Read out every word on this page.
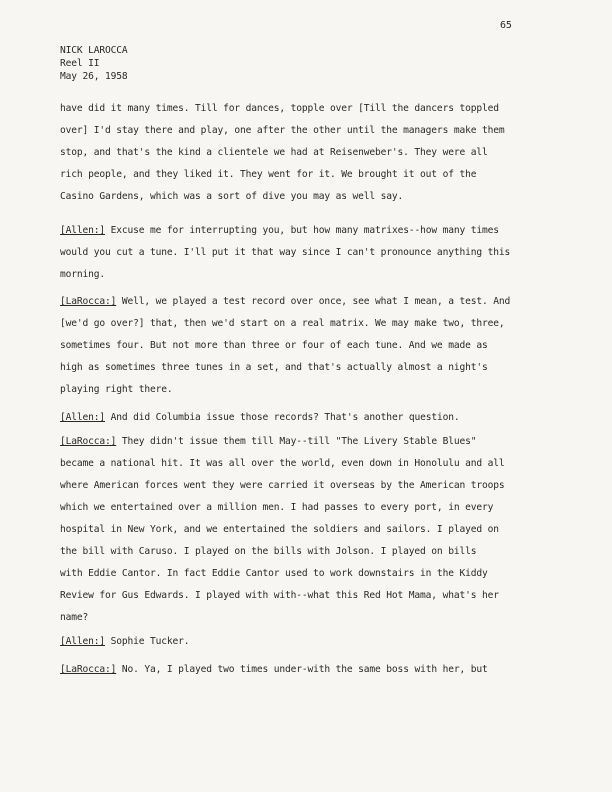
65
NICK LAROCCA
Reel II
May 26, 1958
have did it many times. Till for dances, topple over [Till the dancers toppled
over] I'd stay there and play, one after the other until the managers make them
stop, and that's the kind a clientele we had at Reisenweber's. They were all
rich people, and they liked it. They went for it. We brought it out of the
Casino Gardens, which was a sort of dive you may as well say.
[Allen:] Excuse me for interrupting you, but how many matrixes--how many times
would you cut a tune. I'll put it that way since I can't pronounce anything this
morning.
[LaRocca:] Well, we played a test record over once, see what I mean, a test. And
[we'd go over?] that, then we'd start on a real matrix. We may make two, three,
sometimes four. But not more than three or four of each tune. And we made as
high as sometimes three tunes in a set, and that's actually almost a night's
playing right there.
[Allen:] And did Columbia issue those records? That's another question.
[LaRocca:] They didn't issue them till May--till "The Livery Stable Blues"
became a national hit. It was all over the world, even down in Honolulu and all
where American forces went they were carried it overseas by the American troops
which we entertained over a million men. I had passes to every port, in every
hospital in New York, and we entertained the soldiers and sailors. I played on
the bill with Caruso. I played on the bills with Jolson. I played on bills
with Eddie Cantor. In fact Eddie Cantor used to work downstairs in the Kiddy
Review for Gus Edwards. I played with with--what this Red Hot Mama, what's her
name?
[Allen:] Sophie Tucker.
[LaRocca:] No. Ya, I played two times under-with the same boss with her, but
